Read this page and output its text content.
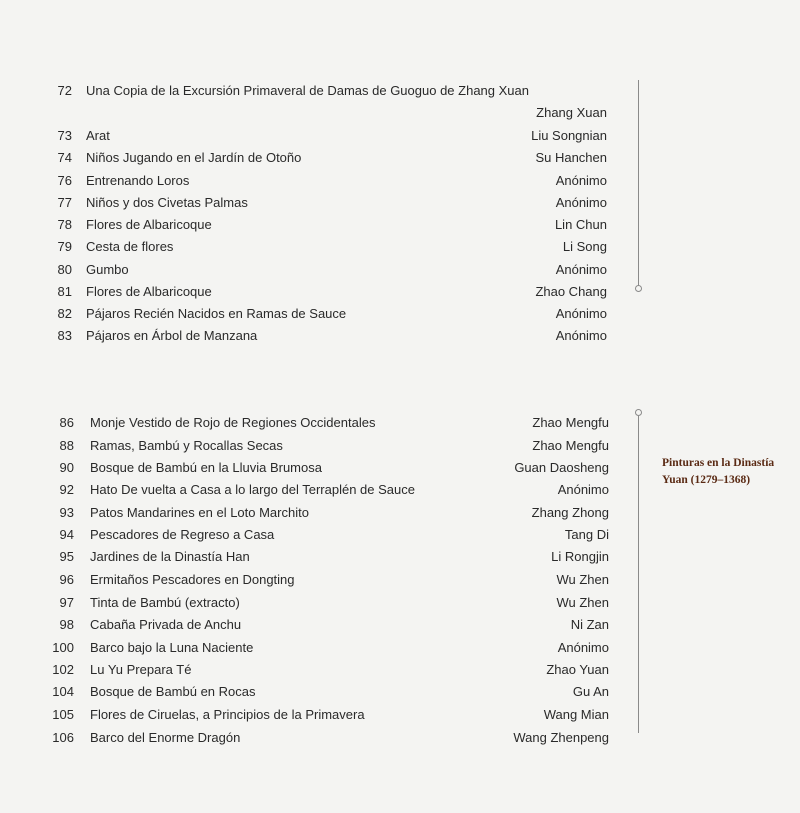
72 Una Copia de la Excursión Primaveral de Damas de Guoguo de Zhang Xuan
Zhang Xuan
73 Arat	Liu Songnian
74 Niños Jugando en el Jardín de Otoño	Su Hanchen
76 Entrenando Loros	Anónimo
77 Niños y dos Civetas Palmas	Anónimo
78 Flores de Albaricoque	Lin Chun
79 Cesta de flores	Li Song
80 Gumbo	Anónimo
81 Flores de Albaricoque	Zhao Chang
82 Pájaros Recién Nacidos en Ramas de Sauce	Anónimo
83 Pájaros en Árbol de Manzana	Anónimo
86 Monje Vestido de Rojo de Regiones Occidentales	Zhao Mengfu
88 Ramas, Bambú y Rocallas Secas	Zhao Mengfu
90 Bosque de Bambú en la Lluvia Brumosa	Guan Daosheng
92 Hato De vuelta a Casa a lo largo del Terraplén de Sauce	Anónimo
93 Patos Mandarines en el Loto Marchito	Zhang Zhong
94 Pescadores de Regreso a Casa	Tang Di
95 Jardines de la Dinastía Han	Li Rongjin
96 Ermitaños Pescadores en Dongting	Wu Zhen
97 Tinta de Bambú (extracto)	Wu Zhen
98 Cabaña Privada de Anchu	Ni Zan
100 Barco bajo la Luna Naciente	Anónimo
102 Lu Yu Prepara Té	Zhao Yuan
104 Bosque de Bambú en Rocas	Gu An
105 Flores de Ciruelas, a Principios de la Primavera	Wang Mian
106 Barco del Enorme Dragón	Wang Zhenpeng
Pinturas en la Dinastía
Yuan (1279–1368)
